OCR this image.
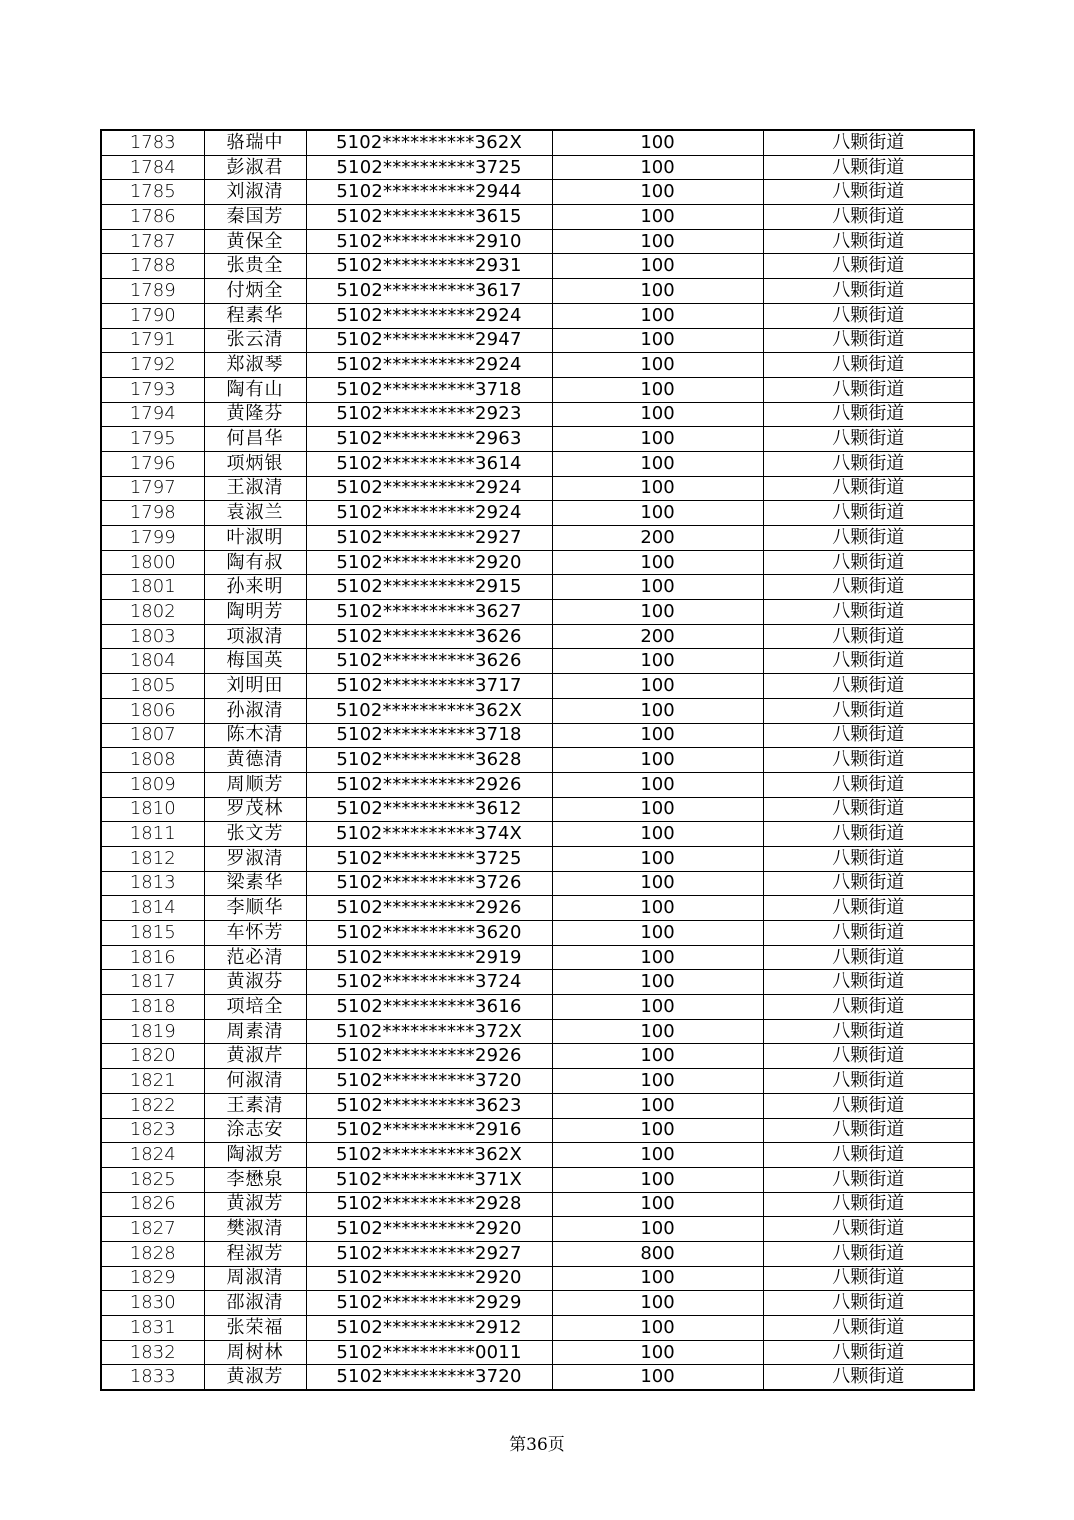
1783	骆瑞中	5102**********362X	100	八颗街道
1784	彭淑君	5102**********3725	100	八颗街道
1785	刘淑清	5102**********2944	100	八颗街道
1786	秦国芳	5102**********3615	100	八颗街道
1787	黄保全	5102**********2910	100	八颗街道
1788	张贵全	5102**********2931	100	八颗街道
1789	付炳全	5102**********3617	100	八颗街道
1790	程素华	5102**********2924	100	八颗街道
1791	张云清	5102**********2947	100	八颗街道
1792	郑淑琴	5102**********2924	100	八颗街道
1793	陶有山	5102**********3718	100	八颗街道
1794	黄隆芬	5102**********2923	100	八颗街道
1795	何昌华	5102**********2963	100	八颗街道
1796	项炳银	5102**********3614	100	八颗街道
1797	王淑清	5102**********2924	100	八颗街道
1798	袁淑兰	5102**********2924	100	八颗街道
1799	叶淑明	5102**********2927	200	八颗街道
1800	陶有叔	5102**********2920	100	八颗街道
1801	孙来明	5102**********2915	100	八颗街道
1802	陶明芳	5102**********3627	100	八颗街道
1803	项淑清	5102**********3626	200	八颗街道
1804	梅国英	5102**********3626	100	八颗街道
1805	刘明田	5102**********3717	100	八颗街道
1806	孙淑清	5102**********362X	100	八颗街道
1807	陈木清	5102**********3718	100	八颗街道
1808	黄德清	5102**********3628	100	八颗街道
1809	周顺芳	5102**********2926	100	八颗街道
1810	罗茂林	5102**********3612	100	八颗街道
1811	张文芳	5102**********374X	100	八颗街道
1812	罗淑清	5102**********3725	100	八颗街道
1813	梁素华	5102**********3726	100	八颗街道
1814	李顺华	5102**********2926	100	八颗街道
1815	车怀芳	5102**********3620	100	八颗街道
1816	范必清	5102**********2919	100	八颗街道
1817	黄淑芬	5102**********3724	100	八颗街道
1818	项培全	5102**********3616	100	八颗街道
1819	周素清	5102**********372X	100	八颗街道
1820	黄淑芹	5102**********2926	100	八颗街道
1821	何淑清	5102**********3720	100	八颗街道
1822	王素清	5102**********3623	100	八颗街道
1823	涂志安	5102**********2916	100	八颗街道
1824	陶淑芳	5102**********362X	100	八颗街道
1825	李懋泉	5102**********371X	100	八颗街道
1826	黄淑芳	5102**********2928	100	八颗街道
1827	樊淑清	5102**********2920	100	八颗街道
1828	程淑芳	5102**********2927	800	八颗街道
1829	周淑清	5102**********2920	100	八颗街道
1830	邵淑清	5102**********2929	100	八颗街道
1831	张荣福	5102**********2912	100	八颗街道
1832	周树林	5102**********0011	100	八颗街道
1833	黄淑芳	5102**********3720	100	八颗街道
第36页
